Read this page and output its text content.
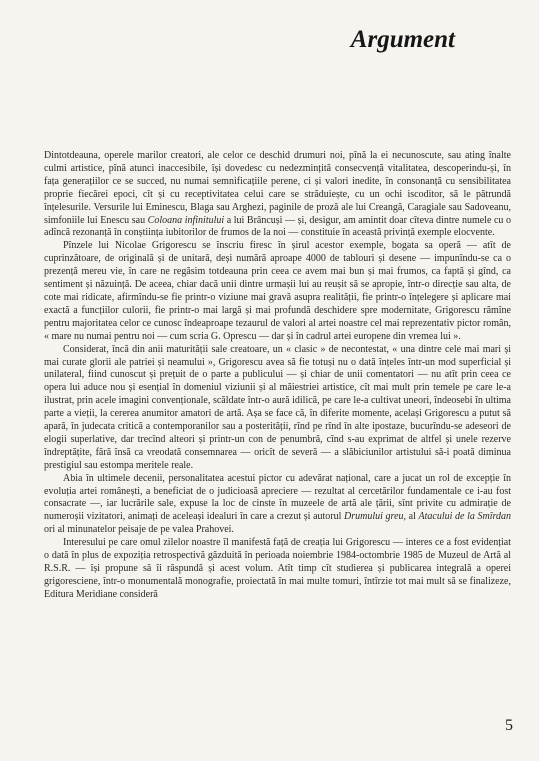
Argument

Dintotdeauna, operele marilor creatori, ale celor ce deschid drumuri noi, pînă la ei necunoscute, sau ating înalte culmi artistice, pînă atunci inaccesibile, își dovedesc cu nedezmințită consecvență vitalitatea, descoperindu-și, în fața generațiilor ce se succed, nu numai semnificațiile perene, ci și valori inedite, în consonanță cu sensibilitatea proprie fiecărei epoci, cît și cu receptivitatea celui care se străduiește, cu un ochi iscoditor, să le pătrundă înțelesurile. Versurile lui Eminescu, Blaga sau Arghezi, paginile de proză ale lui Creangă, Caragiale sau Sadoveanu, simfoniile lui Enescu sau Coloana infinitului a lui Brâncuși — și, desigur, am amintit doar cîteva dintre numele cu o adîncă rezonanță în conștiința iubitorilor de frumos de la noi — constituie în această privință exemple elocvente.

Pînzele lui Nicolae Grigorescu se înscriu firesc în șirul acestor exemple, bogata sa operă — atît de cuprinzătoare, de originală și de unitară, deși numără aproape 4000 de tablouri și desene — impunîndu-se ca o prezență mereu vie, în care ne regăsim totdeauna prin ceea ce avem mai bun și mai frumos, ca faptă și gînd, ca sentiment și năzuință. De aceea, chiar dacă unii dintre urmașii lui au reușit să se apropie, într-o direcție sau alta, de cote mai ridicate, afirmîndu-se fie printr-o viziune mai gravă asupra realității, fie printr-o înțelegere și aplicare mai exactă a funcțiilor culorii, fie printr-o mai largă și mai profundă deschidere spre modernitate, Grigorescu rămîne pentru majoritatea celor ce cunosc îndeaproape tezaurul de valori al artei noastre cel mai reprezentativ pictor român, « mare nu numai pentru noi — cum scria G. Oprescu — dar și în cadrul artei europene din vremea lui ».

Considerat, încă din anii maturității sale creatoare, un « clasic » de necontestat, « una dintre cele mai mari și mai curate glorii ale patriei și neamului », Grigorescu avea să fie totuși nu o dată înțeles într-un mod superficial și unilateral, fiind cunoscut și prețuit de o parte a publicului — și chiar de unii comentatori — nu atît prin ceea ce opera lui aduce nou și esențial în domeniul viziunii și al măiestriei artistice, cît mai mult prin temele pe care le-a ilustrat, prin acele imagini convenționale, scăldate într-o aură idilică, pe care le-a cultivat uneori, îndeosebi în ultima parte a vieții, la cererea anumitor amatori de artă. Așa se face că, în diferite momente, același Grigorescu a putut să apară, în judecata critică a contemporanilor sau a posterității, rînd pe rînd în alte ipostaze, bucurîndu-se adeseori de elogii superlative, dar trecînd alteori și printr-un con de penumbră, cînd s-au exprimat de altfel și unele rezerve îndreptățite, fără însă ca vreodată consemnarea — oricît de severă — a slăbiciunilor artistului să-i poată diminua prestigiul sau estompa meritele reale.

Abia în ultimele decenii, personalitatea acestui pictor cu adevărat național, care a jucat un rol de excepție în evoluția artei românești, a beneficiat de o judicioasă apreciere — rezultat al cercetărilor fundamentale ce i-au fost consacrate —, iar lucrările sale, expuse la loc de cinste în muzeele de artă ale țării, sînt privite cu admirație de numeroșii vizitatori, animați de aceleași idealuri în care a crezut și autorul Drumului greu, al Atacului de la Smîrdan ori al minunatelor peisaje de pe valea Prahovei.

Interesului pe care omul zilelor noastre îl manifestă față de creația lui Grigorescu — interes ce a fost evidențiat o dată în plus de expoziția retrospectivă găzduită în perioada noiembrie 1984-octombrie 1985 de Muzeul de Artă al R.S.R. — își propune să îi răspundă și acest volum. Atît timp cît studierea și publicarea integrală a operei grigoresciene, într-o monumentală monografie, proiectată în mai multe tomuri, întîrzie tot mai mult să se finalizeze, Editura Meridiane consideră

5
